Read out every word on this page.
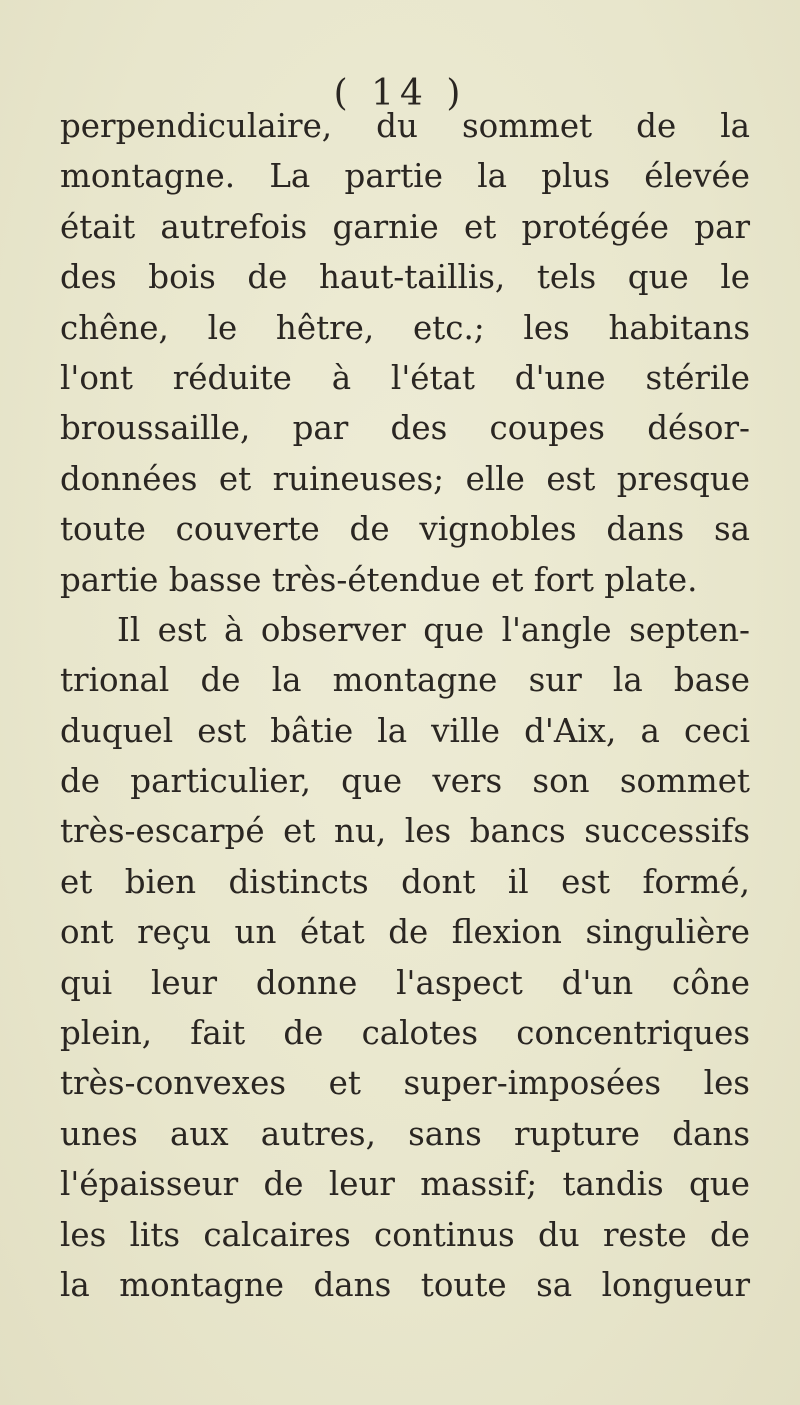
( 14 )
perpendiculaire, du sommet de la
montagne. La partie la plus élevée
était autrefois garnie et protégée par
des bois de haut-taillis, tels que le
chêne, le hêtre, etc.; les habitans
l'ont réduite à l'état d'une stérile
broussaille, par des coupes désor-
données et ruineuses; elle est presque
toute couverte de vignobles dans sa
partie basse très-étendue et fort plate.
Il est à observer que l'angle septen-
trional de la montagne sur la base
duquel est bâtie la ville d'Aix, a ceci
de particulier, que vers son sommet
très-escarpé et nu, les bancs successifs
et bien distincts dont il est formé,
ont reçu un état de flexion singulière
qui leur donne l'aspect d'un cône
plein, fait de calotes concentriques
très-convexes et super-imposées les
unes aux autres, sans rupture dans
l'épaisseur de leur massif; tandis que
les lits calcaires continus du reste de
la montagne dans toute sa longueur
